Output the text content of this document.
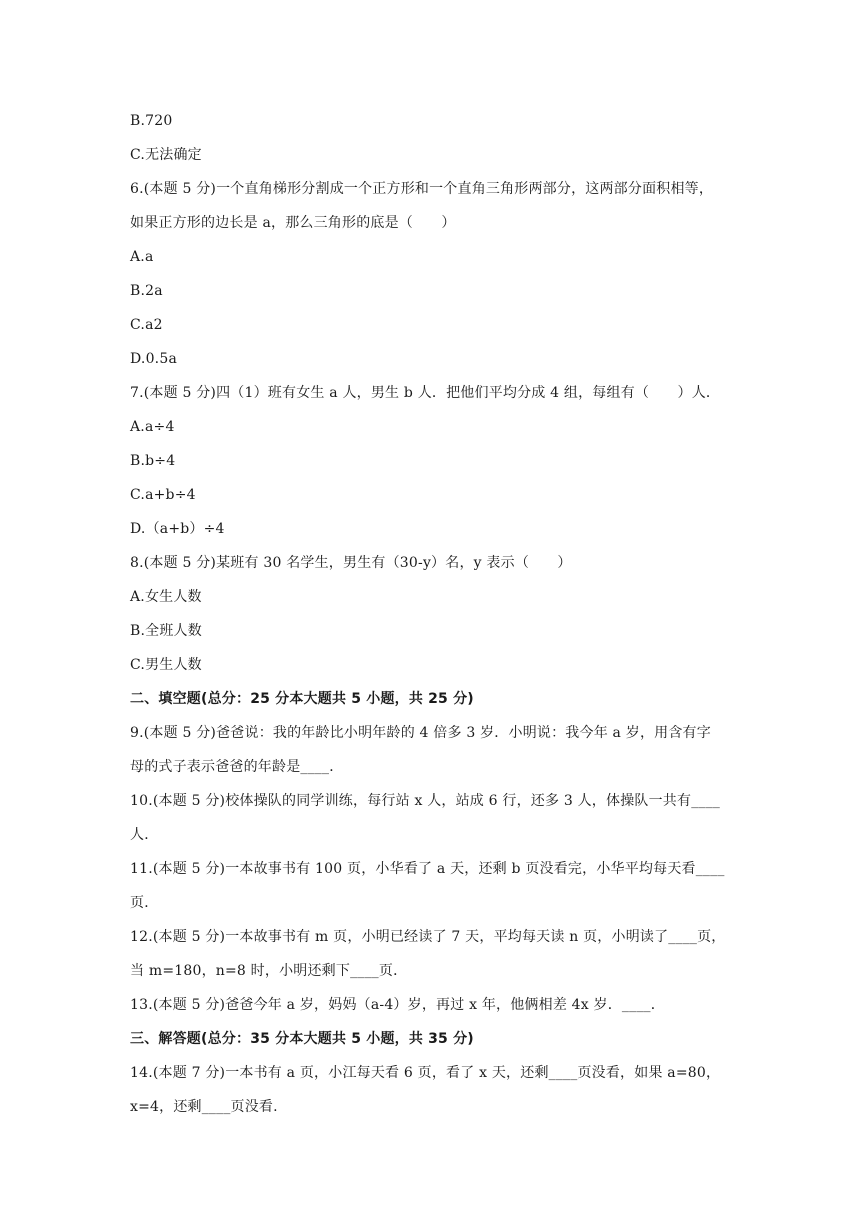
B.720
C.无法确定
6.(本题 5 分)一个直角梯形分割成一个正方形和一个直角三角形两部分，这两部分面积相等，
如果正方形的边长是 a，那么三角形的底是（　　）
A.a
B.2a
C.a2
D.0.5a
7.(本题 5 分)四（1）班有女生 a 人，男生 b 人．把他们平均分成 4 组，每组有（　　）人．
A.a÷4
B.b÷4
C.a+b÷4
D.（a+b）÷4
8.(本题 5 分)某班有 30 名学生，男生有（30-y）名，y 表示（　　）
A.女生人数
B.全班人数
C.男生人数
二、填空题(总分：25 分本大题共 5 小题，共 25 分)
9.(本题 5 分)爸爸说：我的年龄比小明年龄的 4 倍多 3 岁．小明说：我今年 a 岁，用含有字
母的式子表示爸爸的年龄是____．
10.(本题 5 分)校体操队的同学训练，每行站 x 人，站成 6 行，还多 3 人，体操队一共有____
人．
11.(本题 5 分)一本故事书有 100 页，小华看了 a 天，还剩 b 页没看完，小华平均每天看____
页．
12.(本题 5 分)一本故事书有 m 页，小明已经读了 7 天，平均每天读 n 页，小明读了____页，
当 m=180，n=8 时，小明还剩下____页．
13.(本题 5 分)爸爸今年 a 岁，妈妈（a-4）岁，再过 x 年，他俩相差 4x 岁．____．
三、解答题(总分：35 分本大题共 5 小题，共 35 分)
14.(本题 7 分)一本书有 a 页，小江每天看 6 页，看了 x 天，还剩____页没看，如果 a=80，
x=4，还剩____页没看.
